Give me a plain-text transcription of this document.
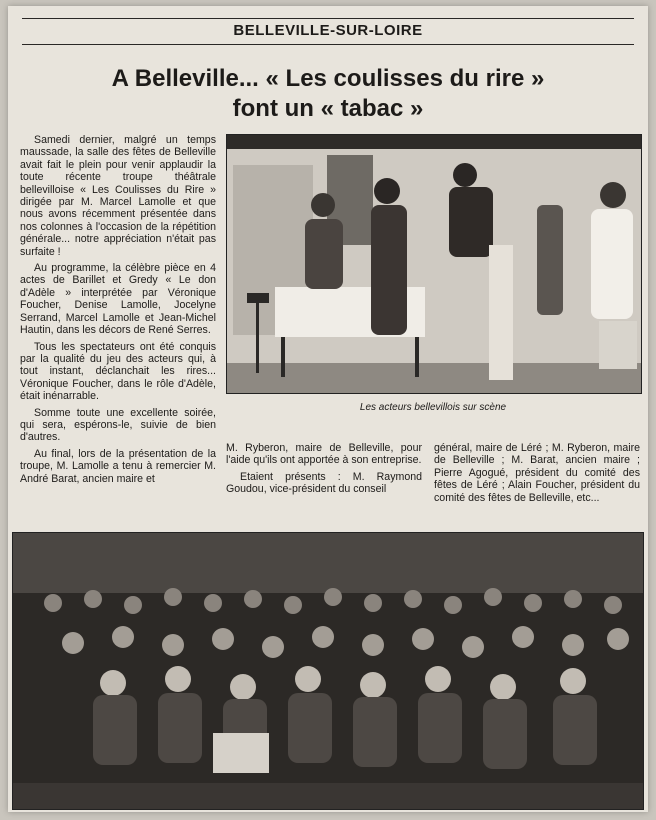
BELLEVILLE-SUR-LOIRE
A Belleville... « Les coulisses du rire »
font un « tabac »

Samedi dernier, malgré un temps maussade, la salle des fêtes de Belleville avait fait le plein pour venir applaudir la toute récente troupe théâtrale bellevilloise « Les Coulisses du Rire » dirigée par M. Marcel Lamolle et que nous avons récemment présentée dans nos colonnes à l'occasion de la répétition générale... notre appréciation n'était pas surfaite !

Au programme, la célèbre pièce en 4 actes de Barillet et Gredy « Le don d'Adèle » interprétée par Véronique Foucher, Denise Lamolle, Jocelyne Serrand, Marcel Lamolle et Jean-Michel Hautin, dans les décors de René Serres.

Tous les spectateurs ont été conquis par la qualité du jeu des acteurs qui, à tout instant, déclanchait les rires... Véronique Foucher, dans le rôle d'Adèle, était inénarrable.

Somme toute une excellente soirée, qui sera, espérons-le, suivie de bien d'autres.

Au final, lors de la présentation de la troupe, M. Lamolle a tenu à remercier M. André Barat, ancien maire et

Les acteurs bellevillois sur scène

M. Ryberon, maire de Belleville, pour l'aide qu'ils ont apportée à son entreprise.

Etaient présents : M. Raymond Goudou, vice-président du conseil

général, maire de Léré ; M. Ryberon, maire de Belleville ; M. Barat, ancien maire ; Pierre Agogué, président du comité des fêtes de Léré ; Alain Foucher, président du comité des fêtes de Belleville, etc...
